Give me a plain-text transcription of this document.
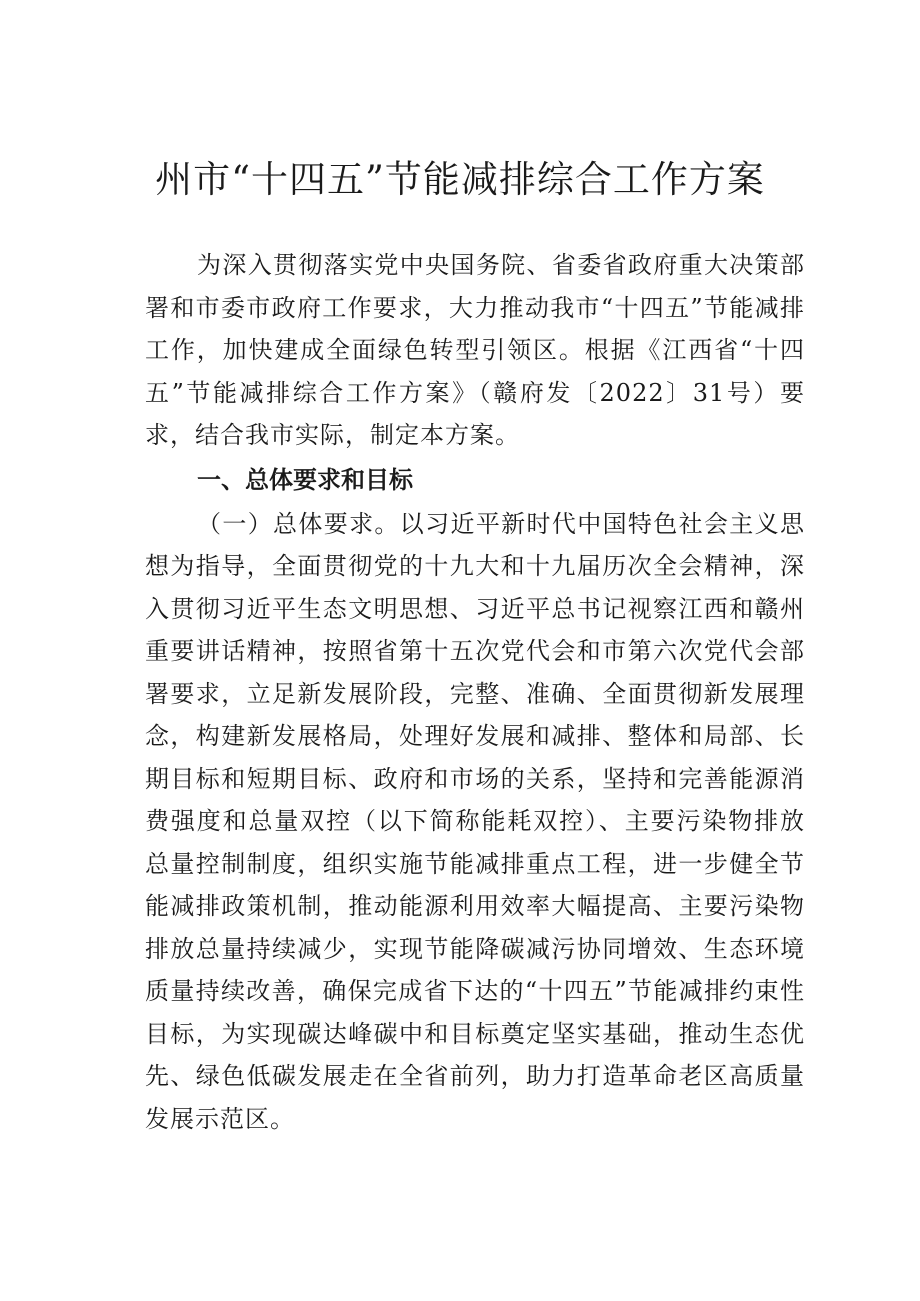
州市“十四五”节能减排综合工作方案

为深入贯彻落实党中央国务院、省委省政府重大决策部署和市委市政府工作要求，大力推动我市“十四五”节能减排工作，加快建成全面绿色转型引领区。根据《江西省“十四五”节能减排综合工作方案》（赣府发〔2022〕31号）要求，结合我市实际，制定本方案。

一、总体要求和目标

（一）总体要求。以习近平新时代中国特色社会主义思想为指导，全面贯彻党的十九大和十九届历次全会精神，深入贯彻习近平生态文明思想、习近平总书记视察江西和赣州重要讲话精神，按照省第十五次党代会和市第六次党代会部署要求，立足新发展阶段，完整、准确、全面贯彻新发展理念，构建新发展格局，处理好发展和减排、整体和局部、长期目标和短期目标、政府和市场的关系，坚持和完善能源消费强度和总量双控（以下简称能耗双控）、主要污染物排放总量控制制度，组织实施节能减排重点工程，进一步健全节能减排政策机制，推动能源利用效率大幅提高、主要污染物排放总量持续减少，实现节能降碳减污协同增效、生态环境质量持续改善，确保完成省下达的“十四五”节能减排约束性目标，为实现碳达峰碳中和目标奠定坚实基础，推动生态优先、绿色低碳发展走在全省前列，助力打造革命老区高质量发展示范区。
